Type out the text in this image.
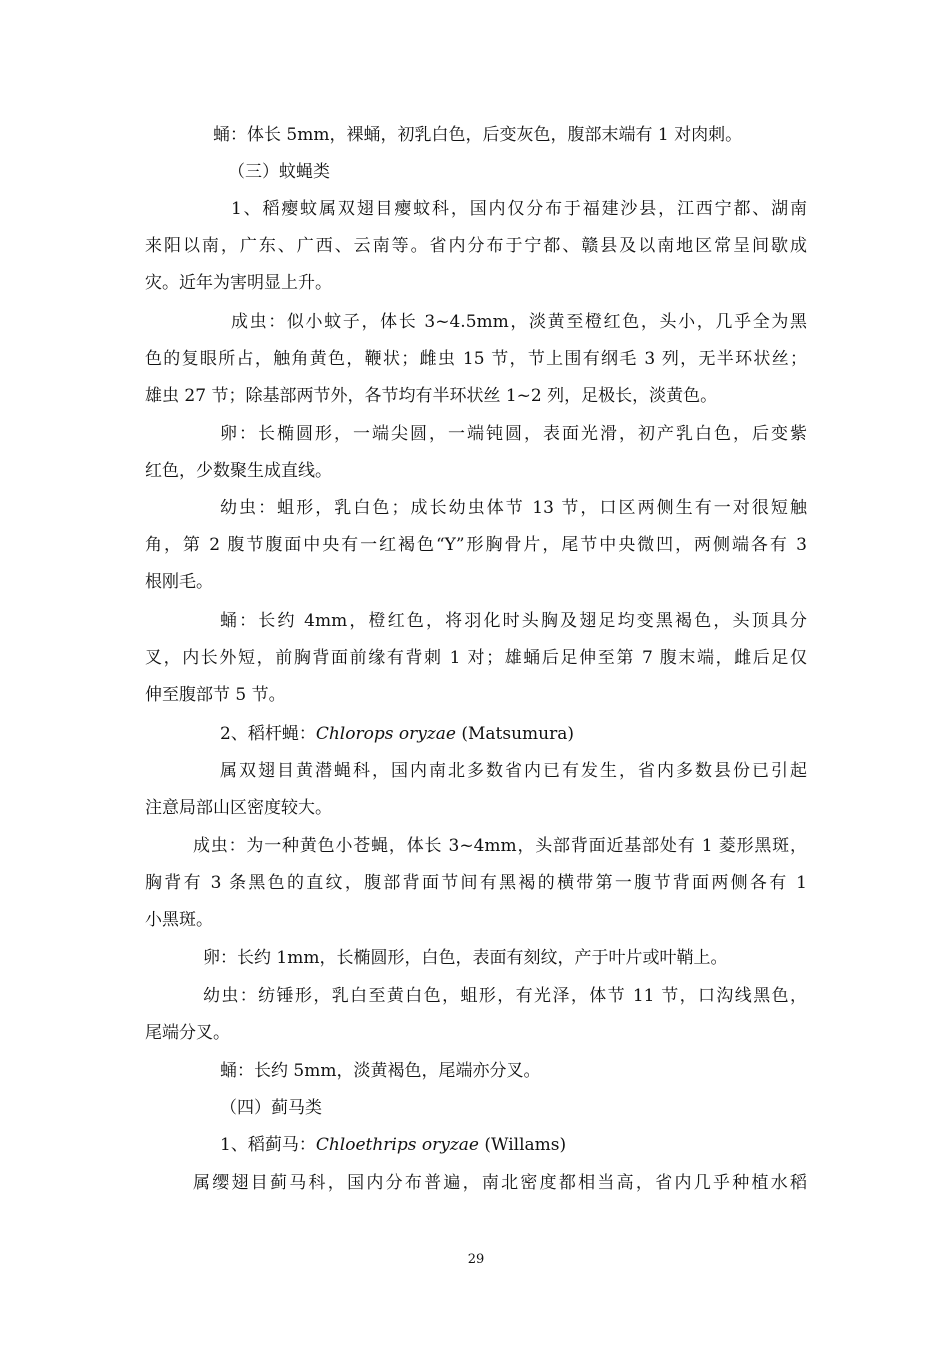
蛹：体长 5mm，裸蛹，初乳白色，后变灰色，腹部末端有 1 对肉刺。

（三）蚊蝇类

1、稻瘿蚊属双翅目瘿蚊科，国内仅分布于福建沙县，江西宁都、湖南
来阳以南，广东、广西、云南等。省内分布于宁都、赣县及以南地区常呈间歇成
灾。近年为害明显上升。
成虫：似小蚊子，体长 3~4.5mm，淡黄至橙红色，头小，几乎全为黑
色的复眼所占，触角黄色，鞭状；雌虫 15 节，节上围有纲毛 3 列，无半环状丝；
雄虫 27 节；除基部两节外，各节均有半环状丝 1~2 列，足极长，淡黄色。
卵：长椭圆形，一端尖圆，一端钝圆，表面光滑，初产乳白色，后变紫
红色，少数聚生成直线。
幼虫：蛆形，乳白色；成长幼虫体节 13 节，口区两侧生有一对很短触
角，第 2 腹节腹面中央有一红褐色“Y”形胸骨片，尾节中央微凹，两侧端各有 3
根刚毛。
蛹：长约 4mm，橙红色，将羽化时头胸及翅足均变黑褐色，头顶具分
叉，内长外短，前胸背面前缘有背刺 1 对；雄蛹后足伸至第 7 腹末端，雌后足仅
伸至腹部节 5 节。

2、稻杆蝇：Chlorops oryzae (Matsumura)

属双翅目黄潜蝇科，国内南北多数省内已有发生，省内多数县份已引起
注意局部山区密度较大。
成虫：为一种黄色小苍蝇，体长 3~4mm，头部背面近基部处有 1 菱形黑斑，
胸背有 3 条黑色的直纹，腹部背面节间有黑褐的横带第一腹节背面两侧各有 1
小黑斑。

卵：长约 1mm，长椭圆形，白色，表面有刻纹，产于叶片或叶鞘上。

幼虫：纺锤形，乳白至黄白色，蛆形，有光泽，体节 11 节，口沟线黑色，
尾端分叉。

蛹：长约 5mm，淡黄褐色，尾端亦分叉。

（四）蓟马类

1、稻蓟马：Chloethrips oryzae (Willams)

属缨翅目蓟马科，国内分布普遍，南北密度都相当高，省内几乎种植水稻
29
